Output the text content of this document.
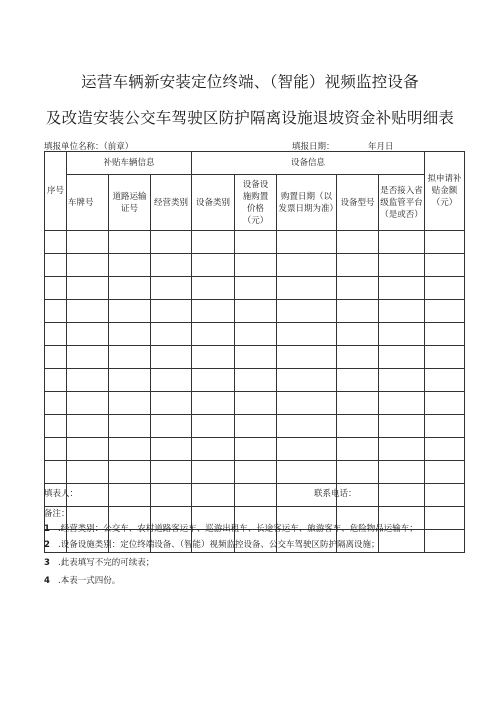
运营车辆新安装定位终端、（智能）视频监控设备
及改造安装公交车驾驶区防护隔离设施退坡资金补贴明细表
填报单位名称：（前章）	填报日期：	年月日
序号	补贴车辆信息			设备信息					拟申请补贴金额（元）
	车牌号	道路运输证号	经营类别	设备类别	设备设施购置价格（元）	购置日期（以发票日期为准）	设备型号	是否接入省级监管平台（是或否）	

填表人：	联系电话：
备注：
1 .经营类别：公交车、农村道路客运车、巡游出租车、长途客运车、旅游客车、危险物品运输车；
2 .设备设施类别：定位终端设备、（智能）视频监控设备、公交车驾驶区防护隔离设施；
3 .此表填写不完的可续表；
4 .本表一式四份。
